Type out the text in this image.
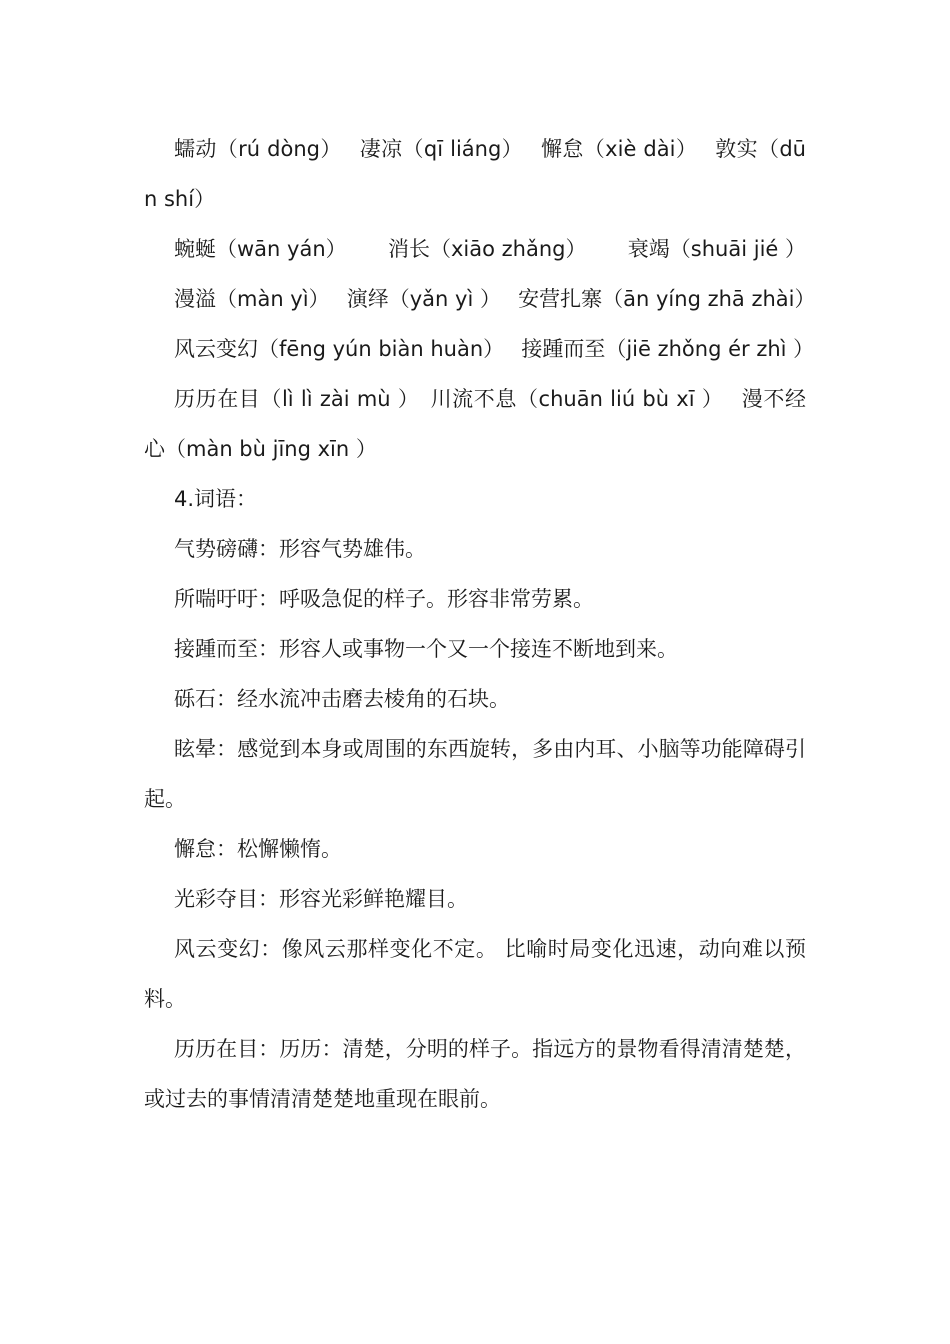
蠕动（rú dòng）　 凄凉（qī liáng）　 懈怠（xiè dài）　 敦实（dūn shí）

蜿蜒（wān yán） 消长（xiāo zhǎng） 衰竭（shuāi jié ）

漫溢（màn yì）　 演绎（yǎn yì ）　 安营扎寨（ān yíng zhā zhài）

风云变幻（fēng yún biàn huàn）　 接踵而至（jiē zhǒng ér zhì ）

历历在目（lì lì zài mù ）　川流不息（chuān liú bù xī ）　 漫不经心（màn bù jīng xīn ）

4.词语：

气势磅礴：形容气势雄伟。

所喘吁吁：呼吸急促的样子。形容非常劳累。

接踵而至：形容人或事物一个又一个接连不断地到来。

砾石：经水流冲击磨去棱角的石块。

眩晕：感觉到本身或周围的东西旋转，多由内耳、小脑等功能障碍引起。

懈怠：松懈懒惰。

光彩夺目：形容光彩鲜艳耀目。

风云变幻：像风云那样变化不定。 比喻时局变化迅速，动向难以预料。

历历在目：历历：清楚，分明的样子。指远方的景物看得清清楚楚，或过去的事情清清楚楚地重现在眼前。
